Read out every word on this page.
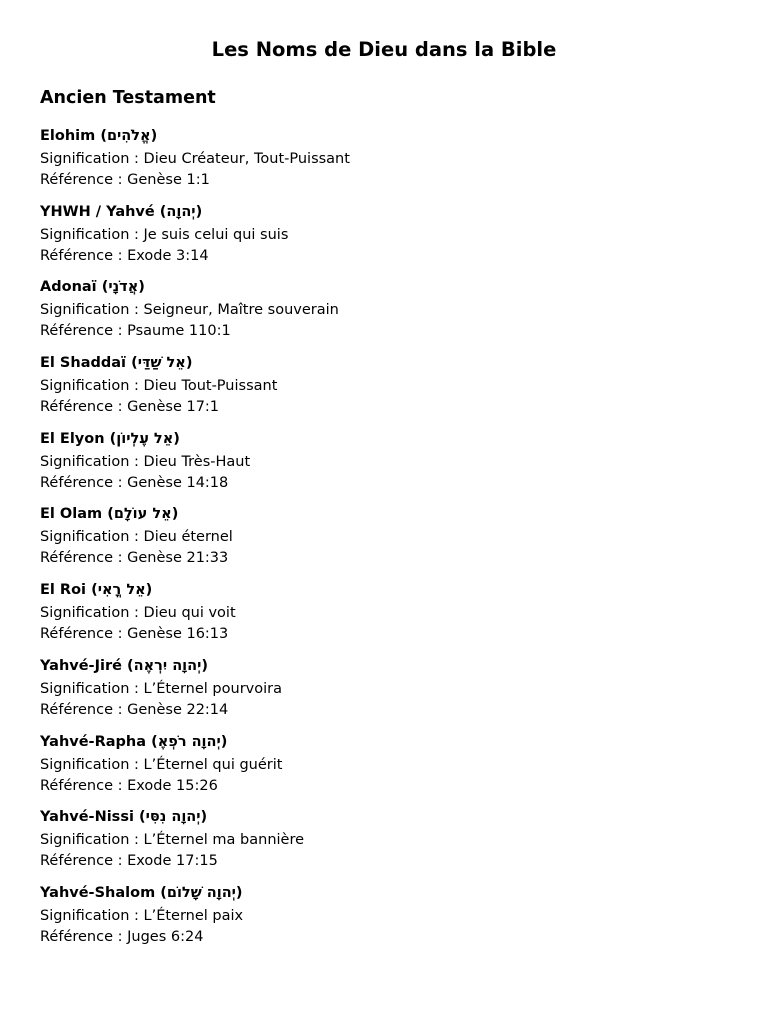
Les Noms de Dieu dans la Bible
Ancien Testament
Elohim (אֱלֹהִים)
Signification : Dieu Créateur, Tout-Puissant
Référence : Genèse 1:1
YHWH / Yahvé (יְהוָה)
Signification : Je suis celui qui suis
Référence : Exode 3:14
Adonaï (אֲדֹנָי)
Signification : Seigneur, Maître souverain
Référence : Psaume 110:1
El Shaddaï (אֵל שַׁדַּי)
Signification : Dieu Tout-Puissant
Référence : Genèse 17:1
El Elyon (אֵל עֶלְיוֹן)
Signification : Dieu Très-Haut
Référence : Genèse 14:18
El Olam (אֵל עוֹלָם)
Signification : Dieu éternel
Référence : Genèse 21:33
El Roi (אֵל רֳאִי)
Signification : Dieu qui voit
Référence : Genèse 16:13
Yahvé-Jiré (יְהוָה יִרְאֶה)
Signification : L’Éternel pourvoira
Référence : Genèse 22:14
Yahvé-Rapha (יְהוָה רֹפְאֶ)
Signification : L’Éternel qui guérit
Référence : Exode 15:26
Yahvé-Nissi (יְהוָה נִסִּי)
Signification : L’Éternel ma bannière
Référence : Exode 17:15
Yahvé-Shalom (יְהוָה שָׁלוֹם)
Signification : L’Éternel paix
Référence : Juges 6:24
